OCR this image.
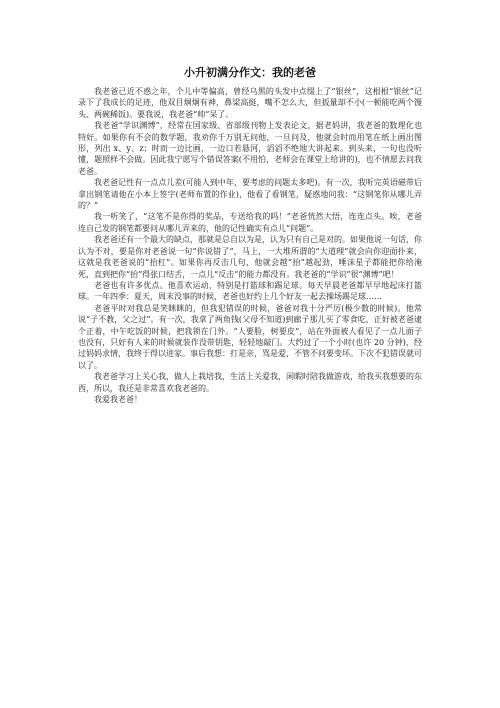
小升初满分作文：我的老爸

我老爸已近不惑之年，个儿中等偏高，曾经乌黑的头发中点缀上了“银丝”，这根根“银丝”记录下了我成长的足迹，他双目炯炯有神，鼻梁高挺，嘴不怎么大，但扳量却不小(一顿能吃两个馒头、两碗稀饭)。要我说，我老爸“帅”呆了。

我老爸“学识渊博”，经常在国家级、省部级刊物上发表论文，据老妈讲，我老爸的数理化也特好。如果你有不会的数学题，我劝你千万别无问他，一旦问及，他就会时而用笔在纸上画出图形，列出 x、y、z；时而一边比画，一边口若悬河，滔滔不绝地大讲起来。到头来，一句也没听懂，题照样不会做。因此我宁愿写个错误答案(不用怕，老师会在课堂上给讲的)，也不情愿去问我老爸。

我老爸记性有一点点儿差(可能人到中年，要考虑的问题太多吧)。有一次，我听完英语磁带后拿出钢笔请他在小本上签字(老师布置的作业)，他看了看钢笔，疑惑地问我：“这钢笔你从哪儿弄的？”

我一听笑了，“这笔不是你得的奖品，专送给我的吗！”老爸恍然大悟，连连点头。唉，老爸连自己发的钢笔都要问从哪儿弄来的，他的记性确实有点儿“问题”。

我老爸还有一个最大的缺点，那就是总自以为是，认为只有自己是对的。如果他说一句话，你认为不对，要是你对老爸说一句“你说错了”，马上，一大堆所谓的“大道理”就会向你迎面扑来，这就是我老爸说的“抬杠”。如果你再反击几句，他就会越“抬”越起劲，唾沫星子都能把你给淹死，直到把你“抬”得张口结舌，一点儿“反击”的能力都没有。我老爸的“学识”很“渊博”吧！

老爸也有许多优点。他喜欢运动，特别是打篮球和踢足球。每天早晨老爸都早早地起床打篮球。一年四季：夏天，周末没事的时候，老爸也好约上几个好友一起去操场踢足球……

老爸平时对我总是笑眯眯的，但我犯错误的时候，爸爸对我十分严厉(极少数的时候)。他常说“子不教，父之过”。有一次，我拿了两角钱(父母不知道)到廊子那儿买了零食吃，正好被老爸逮个正着，中午吃饭的时候，把我锁在门外。“人要脸，树要皮”，站在外面被人看见了一点儿面子也没有，只好有人来的时候就装作没带钥匙，轻轻地敲门。大约过了一个小时(也许 20 分钟)，经过妈妈求情，我终于得以进家。事后我想：打是亲，骂是爱，不管不问要变坏。下次不犯错误就可以了。

我老爸学习上关心我，做人上栽培我，生活上关爱我，闲暇时陪我做游戏，给我买我想要的东西，所以，我还是非常喜欢我老爸的。

我爱我老爸！
